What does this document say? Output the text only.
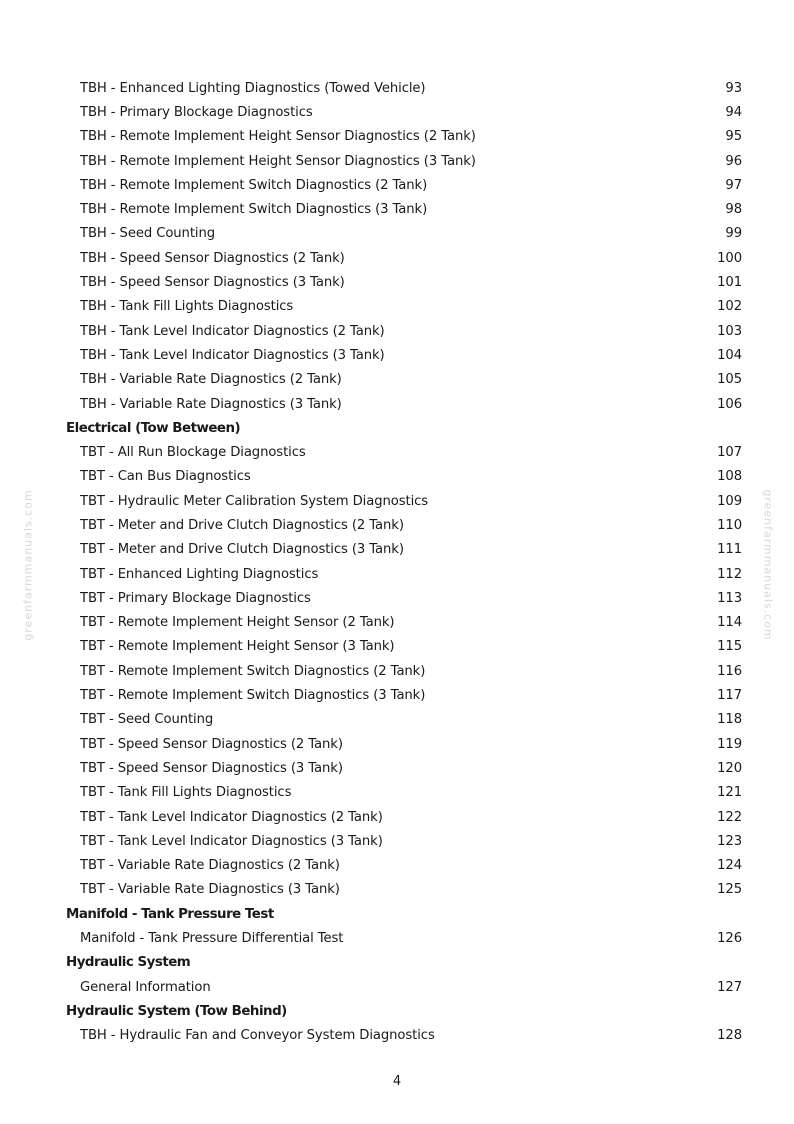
greenfarmmanuals.com	greenfarmmanuals.com
TBH - Enhanced Lighting Diagnostics (Towed Vehicle)	93
TBH - Primary Blockage Diagnostics	94
TBH - Remote Implement Height Sensor Diagnostics (2 Tank)	95
TBH - Remote Implement Height Sensor Diagnostics (3 Tank)	96
TBH - Remote Implement Switch Diagnostics (2 Tank)	97
TBH - Remote Implement Switch Diagnostics (3 Tank)	98
TBH - Seed Counting	99
TBH - Speed Sensor Diagnostics (2 Tank)	100
TBH - Speed Sensor Diagnostics (3 Tank)	101
TBH - Tank Fill Lights Diagnostics	102
TBH - Tank Level Indicator Diagnostics (2 Tank)	103
TBH - Tank Level Indicator Diagnostics (3 Tank)	104
TBH - Variable Rate Diagnostics (2 Tank)	105
TBH - Variable Rate Diagnostics (3 Tank)	106
Electrical (Tow Between)
TBT - All Run Blockage Diagnostics	107
TBT - Can Bus Diagnostics	108
TBT - Hydraulic Meter Calibration System Diagnostics	109
TBT - Meter and Drive Clutch Diagnostics (2 Tank)	110
TBT - Meter and Drive Clutch Diagnostics (3 Tank)	111
TBT - Enhanced Lighting Diagnostics	112
TBT - Primary Blockage Diagnostics	113
TBT - Remote Implement Height Sensor (2 Tank)	114
TBT - Remote Implement Height Sensor (3 Tank)	115
TBT - Remote Implement Switch Diagnostics (2 Tank)	116
TBT - Remote Implement Switch Diagnostics (3 Tank)	117
TBT - Seed Counting	118
TBT - Speed Sensor Diagnostics (2 Tank)	119
TBT - Speed Sensor Diagnostics (3 Tank)	120
TBT - Tank Fill Lights Diagnostics	121
TBT - Tank Level Indicator Diagnostics (2 Tank)	122
TBT - Tank Level Indicator Diagnostics (3 Tank)	123
TBT - Variable Rate Diagnostics (2 Tank)	124
TBT - Variable Rate Diagnostics (3 Tank)	125
Manifold - Tank Pressure Test
Manifold - Tank Pressure Differential Test	126
Hydraulic System
General Information	127
Hydraulic System (Tow Behind)
TBH - Hydraulic Fan and Conveyor System Diagnostics	128
4
